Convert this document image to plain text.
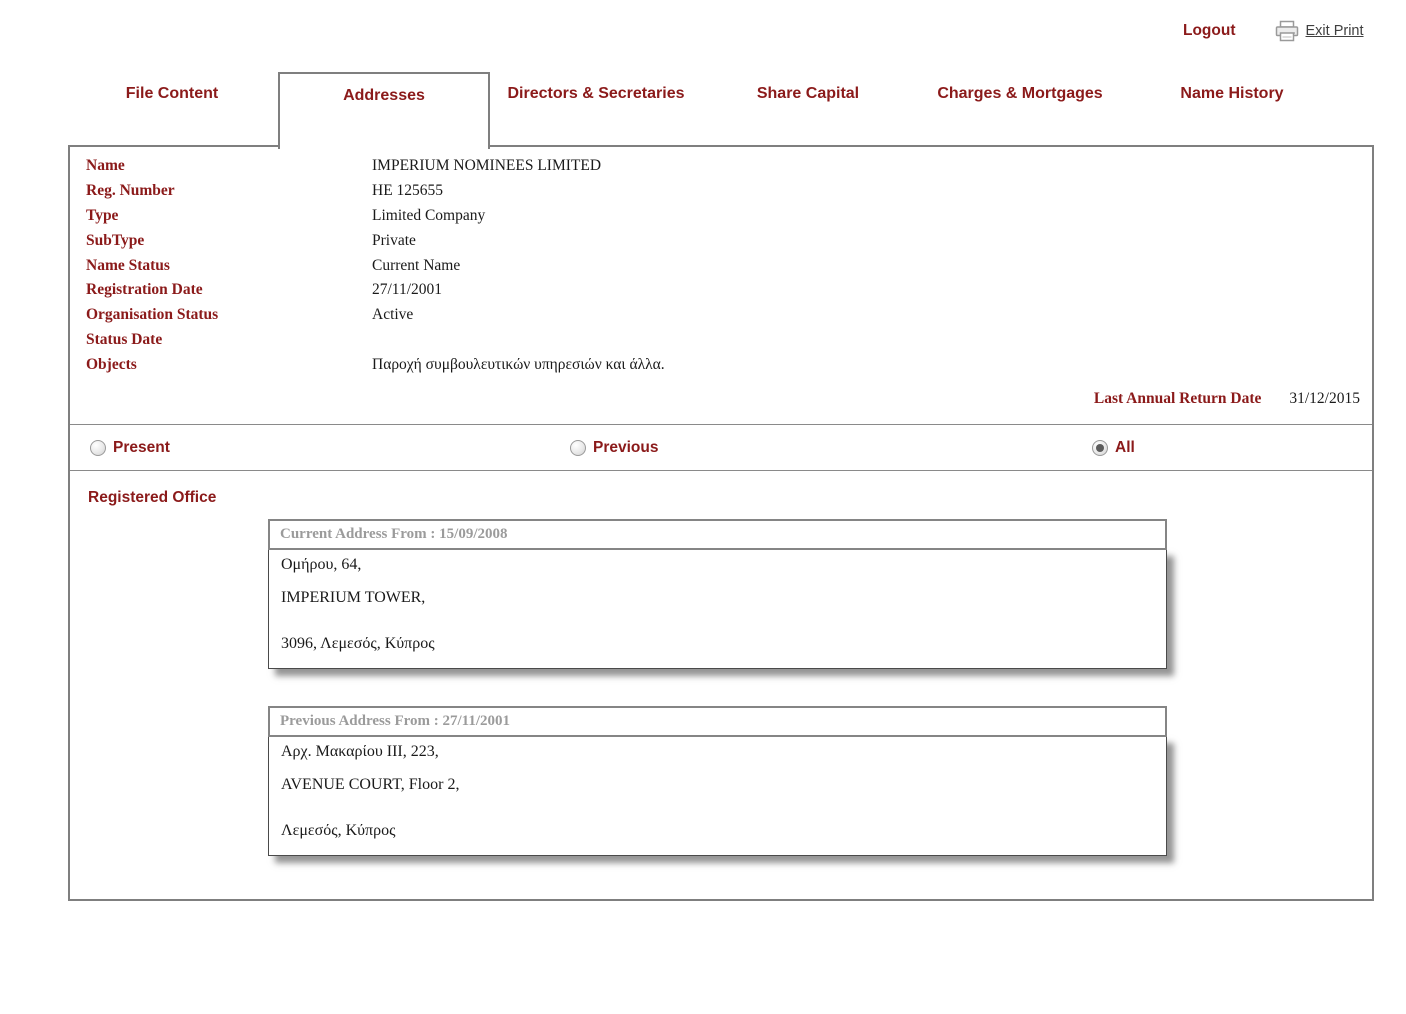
Logout	Exit Print
File Content	Addresses	Directors & Secretaries	Share Capital	Charges & Mortgages	Name History
Name	IMPERIUM NOMINEES LIMITED
Reg. Number	HE 125655
Type	Limited Company
SubType	Private
Name Status	Current Name
Registration Date	27/11/2001
Organisation Status	Active
Status Date
Objects	Παροχή συμβουλευτικών υπηρεσιών και άλλα.
Last Annual Return Date 31/12/2015
Present	Previous	All
Registered Office
Current Address From : 15/09/2008
Ομήρου, 64,
IMPERIUM TOWER,
3096, Λεμεσός, Κύπρος
Previous Address From : 27/11/2001
Αρχ. Μακαρίου III, 223,
AVENUE COURT, Floor 2,
Λεμεσός, Κύπρος
